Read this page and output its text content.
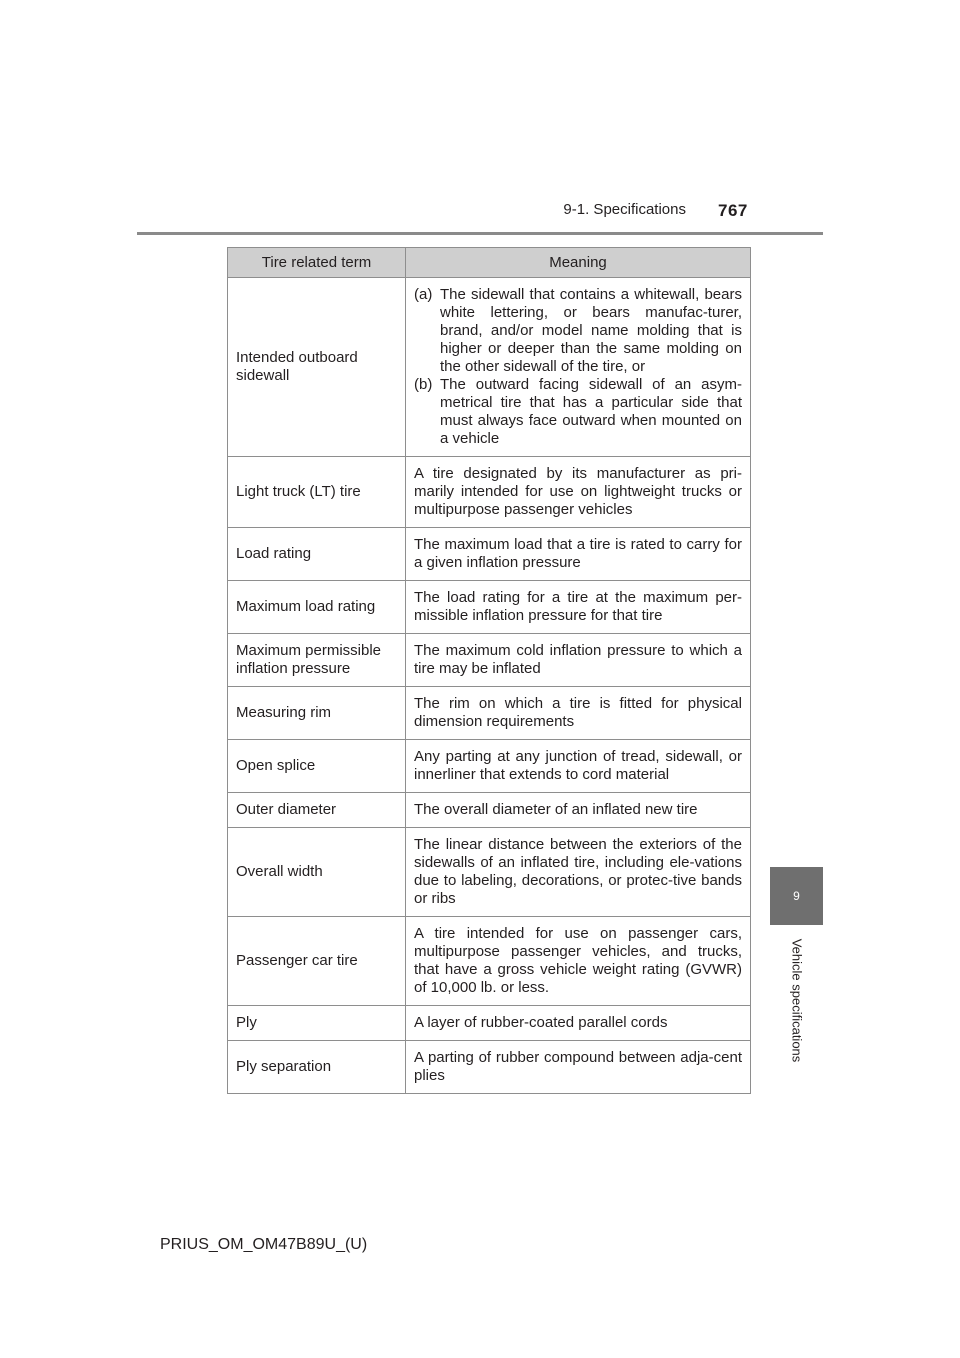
9-1. Specifications 767
Tire related term	Meaning
Intended outboard sidewall	(a) The sidewall that contains a whitewall, bears white lettering, or bears manufac-turer, brand, and/or model name molding that is higher or deeper than the same molding on the other sidewall of the tire, or
(b) The outward facing sidewall of an asym-metrical tire that has a particular side that must always face outward when mounted on a vehicle

Light truck (LT) tire	A tire designated by its manufacturer as pri-marily intended for use on lightweight trucks or multipurpose passenger vehicles
Load rating	The maximum load that a tire is rated to carry for a given inflation pressure
Maximum load rating	The load rating for a tire at the maximum per-missible inflation pressure for that tire
Maximum permissible inflation pressure	The maximum cold inflation pressure to which a tire may be inflated
Measuring rim	The rim on which a tire is fitted for physical dimension requirements
Open splice	Any parting at any junction of tread, sidewall, or innerliner that extends to cord material
Outer diameter	The overall diameter of an inflated new tire
Overall width	The linear distance between the exteriors of the sidewalls of an inflated tire, including ele-vations due to labeling, decorations, or protec-tive bands or ribs
Passenger car tire	A tire intended for use on passenger cars, multipurpose passenger vehicles, and trucks, that have a gross vehicle weight rating (GVWR) of 10,000 lb. or less.
Ply	A layer of rubber-coated parallel cords
Ply separation	A parting of rubber compound between adja-cent plies
9
Vehicle specifications
PRIUS_OM_OM47B89U_(U)
